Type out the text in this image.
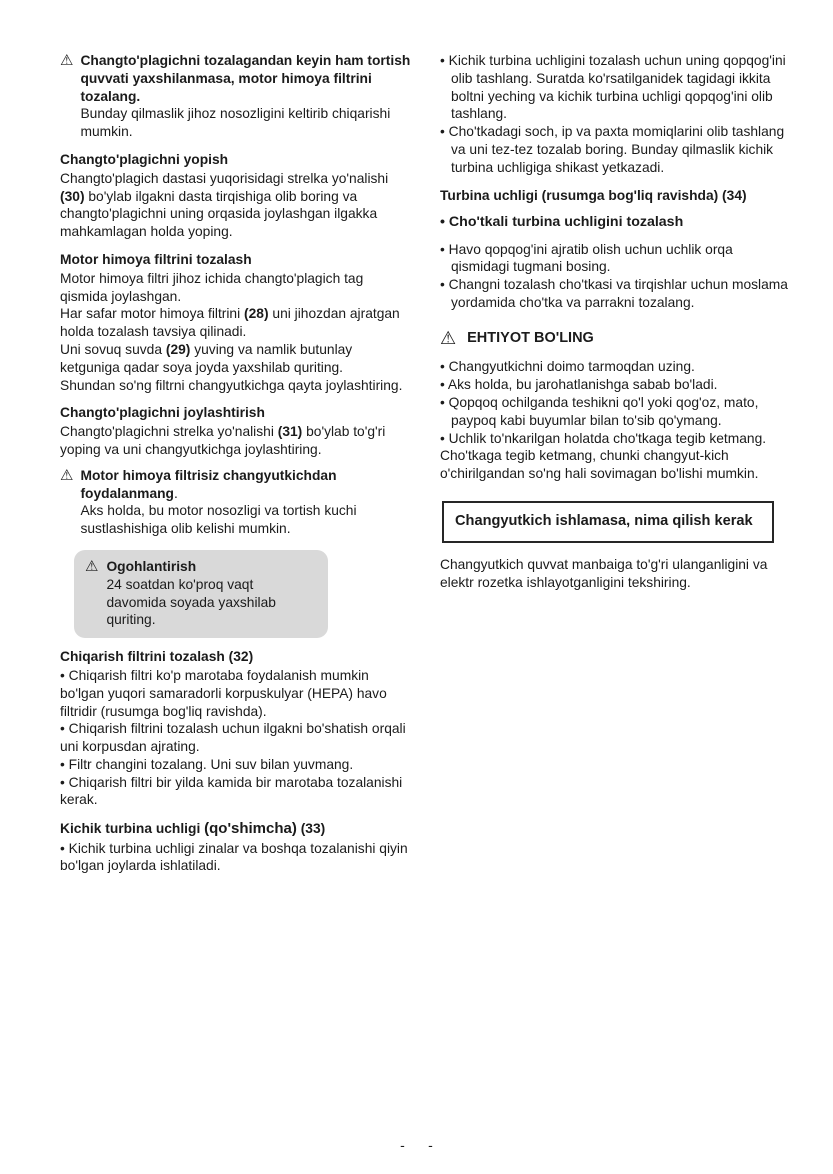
⚠ Changto'plagichni tozalagandan keyin ham tortish quvvati yaxshilanmasa, motor himoya filtrini tozalang.

Bunday qilmaslik jihoz nosozligini keltirib chiqarishi mumkin.

Changto'plagichni yopish

Changto'plagich dastasi yuqorisidagi strelka yo'nalishi (30) bo'ylab ilgakni dasta tirqishiga olib boring va changto'plagichni uning orqasida joylashgan ilgakka mahkamlagan holda yoping.

Motor himoya filtrini tozalash

Motor himoya filtri jihoz ichida changto'plagich tag qismida joylashgan.

Har safar motor himoya filtrini (28) uni jihozdan ajratgan holda tozalash tavsiya qilinadi.

Uni sovuq suvda (29) yuving va namlik butunlay ketguniga qadar soya joyda yaxshilab quriting.

Shundan so'ng filtrni changyutkichga qayta joylashtiring.

Changto'plagichni joylashtirish

Changto'plagichni strelka yo'nalishi (31) bo'ylab to'g'ri yoping va uni changyutkichga joylashtiring.

⚠ Motor himoya filtrisiz changyutkichdan foydalanmang.

Aks holda, bu motor nosozligi va tortish kuchi sustlashishiga olib kelishi mumkin.

⚠ Ogohlantirish

24 soatdan ko'proq vaqt davomida soyada yaxshilab quriting.

Chiqarish filtrini tozalash (32)

• Chiqarish filtri ko'p marotaba foydalanish mumkin bo'lgan yuqori samaradorli korpuskulyar (HEPA) havo filtridir (rusumga bog'liq ravishda).

• Chiqarish filtrini tozalash uchun ilgakni bo'shatish orqali uni korpusdan ajrating.

• Filtr changini tozalang. Uni suv bilan yuvmang.

• Chiqarish filtri bir yilda kamida bir marotaba tozalanishi kerak.

Kichik turbina uchligi (qo'shimcha) (33)

• Kichik turbina uchligi zinalar va boshqa tozalanishi qiyin bo'lgan joylarda ishlatiladi.

• Kichik turbina uchligini tozalash uchun uning qopqog'ini olib tashlang. Suratda ko'rsatilganidek tagidagi ikkita boltni yeching va kichik turbina uchligi qopqog'ini olib tashlang.

• Cho'tkadagi soch, ip va paxta momiqlarini olib tashlang va uni tez-tez tozalab boring. Bunday qilmaslik kichik turbina uchligiga shikast yetkazadi.

Turbina uchligi (rusumga bog'liq ravishda) (34)

• Cho'tkali turbina uchligini tozalash

• Havo qopqog'ini ajratib olish uchun uchlik orqa qismidagi tugmani bosing.

• Changni tozalash cho'tkasi va tirqishlar uchun moslama yordamida cho'tka va parrakni tozalang.

⚠ EHTIYOT BO'LING

• Changyutkichni doimo tarmoqdan uzing.

• Aks holda, bu jarohatlanishga sabab bo'ladi.

• Qopqoq ochilganda teshikni qo'l yoki qog'oz, mato, paypoq kabi buyumlar bilan to'sib qo'ymang.

• Uchlik to'nkarilgan holatda cho'tkaga tegib ketmang.

Cho'tkaga tegib ketmang, chunki changyut-kich o'chirilgandan so'ng hali sovimagan bo'lishi mumkin.

Changyutkich ishlamasa, nima qilish kerak

Changyutkich quvvat manbaiga to'g'ri ulanganligini va elektr rozetka ishlayotganligini tekshiring.

-      -
